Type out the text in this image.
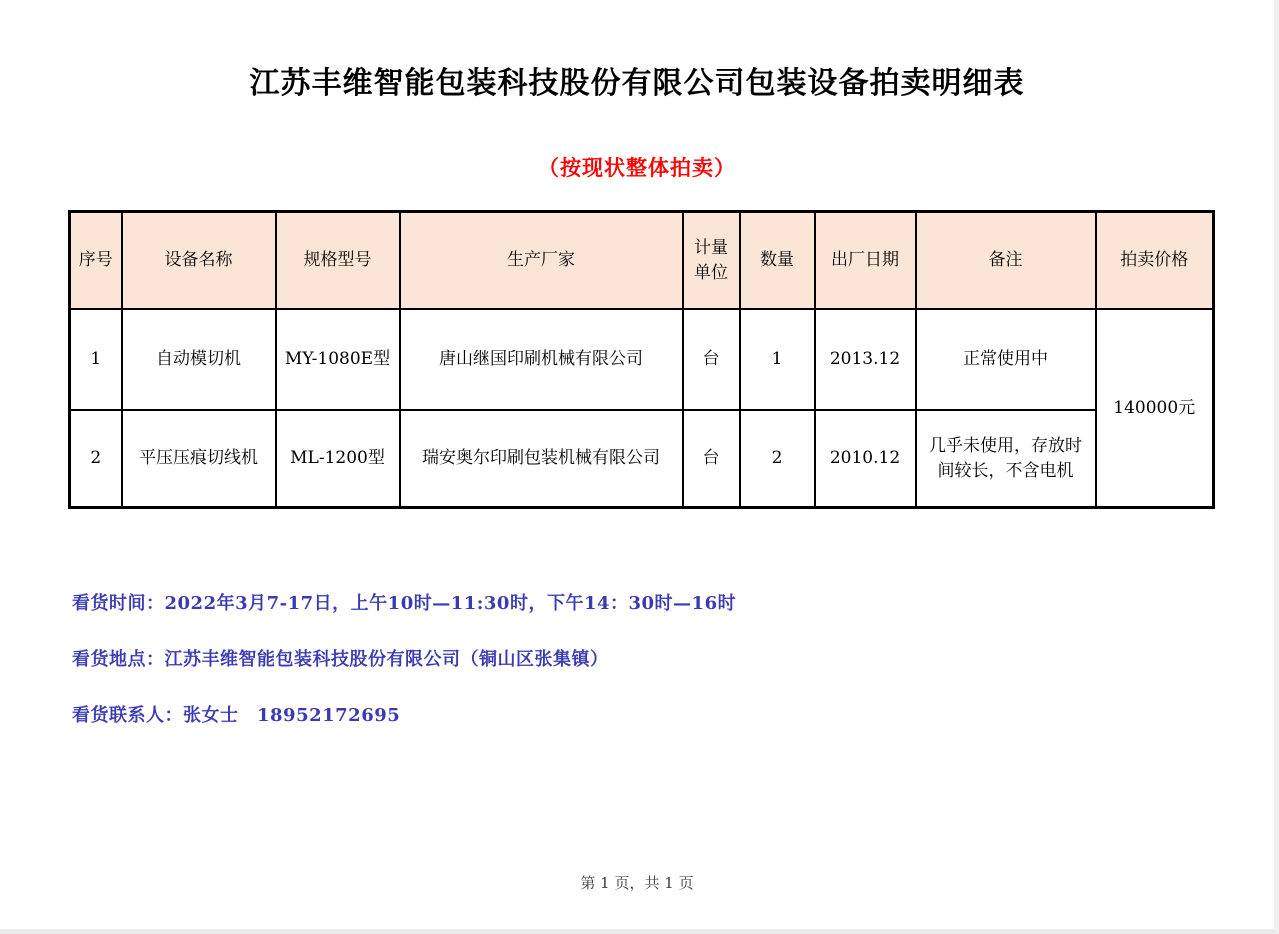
江苏丰维智能包装科技股份有限公司包装设备拍卖明细表
（按现状整体拍卖）
序号	设备名称	规格型号	生产厂家	计量单位	数量	出厂日期	备注	拍卖价格
1	自动模切机	MY-1080E型	唐山继国印刷机械有限公司	台	1	2013.12	正常使用中	140000元
2	平压压痕切线机	ML-1200型	瑞安奥尔印刷包装机械有限公司	台	2	2010.12	几乎未使用，存放时间较长，不含电机	

看货时间：2022年3月7-17日，上午10时—11:30时，下午14：30时—16时

看货地点：江苏丰维智能包装科技股份有限公司（铜山区张集镇）

看货联系人：张女士　18952172695

第 1 页，共 1 页
